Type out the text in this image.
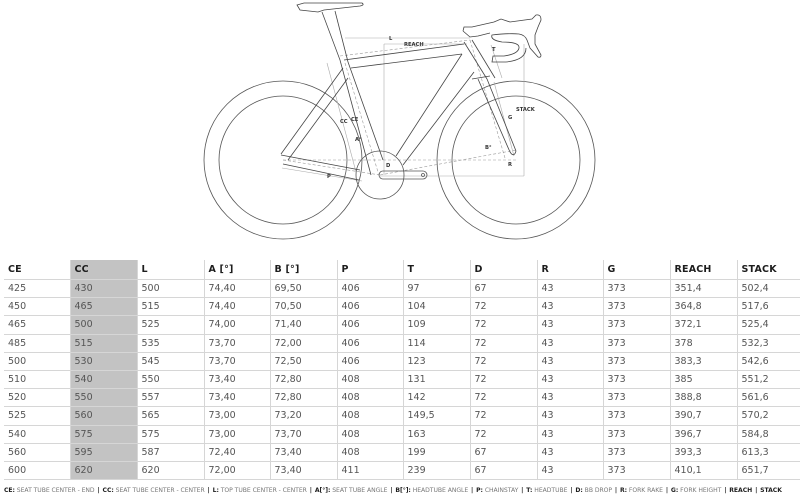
L
REACH
T
STACK
G
CC CE
A°
B°
R
D
P
CE	CC	L	A [°]	B [°]	P	T	D	R	G	REACH	STACK
425	430	500	74,40	69,50	406	97	67	43	373	351,4	502,4
450	465	515	74,40	70,50	406	104	72	43	373	364,8	517,6
465	500	525	74,00	71,40	406	109	72	43	373	372,1	525,4
485	515	535	73,70	72,00	406	114	72	43	373	378	532,3
500	530	545	73,70	72,50	406	123	72	43	373	383,3	542,6
510	540	550	73,40	72,80	408	131	72	43	373	385	551,2
520	550	557	73,40	72,80	408	142	72	43	373	388,8	561,6
525	560	565	73,00	73,20	408	149,5	72	43	373	390,7	570,2
540	575	575	73,00	73,70	408	163	72	43	373	396,7	584,8
560	595	587	72,40	73,40	408	199	67	43	373	393,3	613,3
600	620	620	72,00	73,40	411	239	67	43	373	410,1	651,7
CE: SEAT TUBE CENTER - END | CC: SEAT TUBE CENTER - CENTER | L: TOP TUBE CENTER - CENTER | A[°]: SEAT TUBE ANGLE | B[°]: HEADTUBE ANGLE | P: CHAINSTAY | T: HEADTUBE | D: BB DROP | R: FORK RAKE | G: FORK HEIGHT | REACH | STACK
